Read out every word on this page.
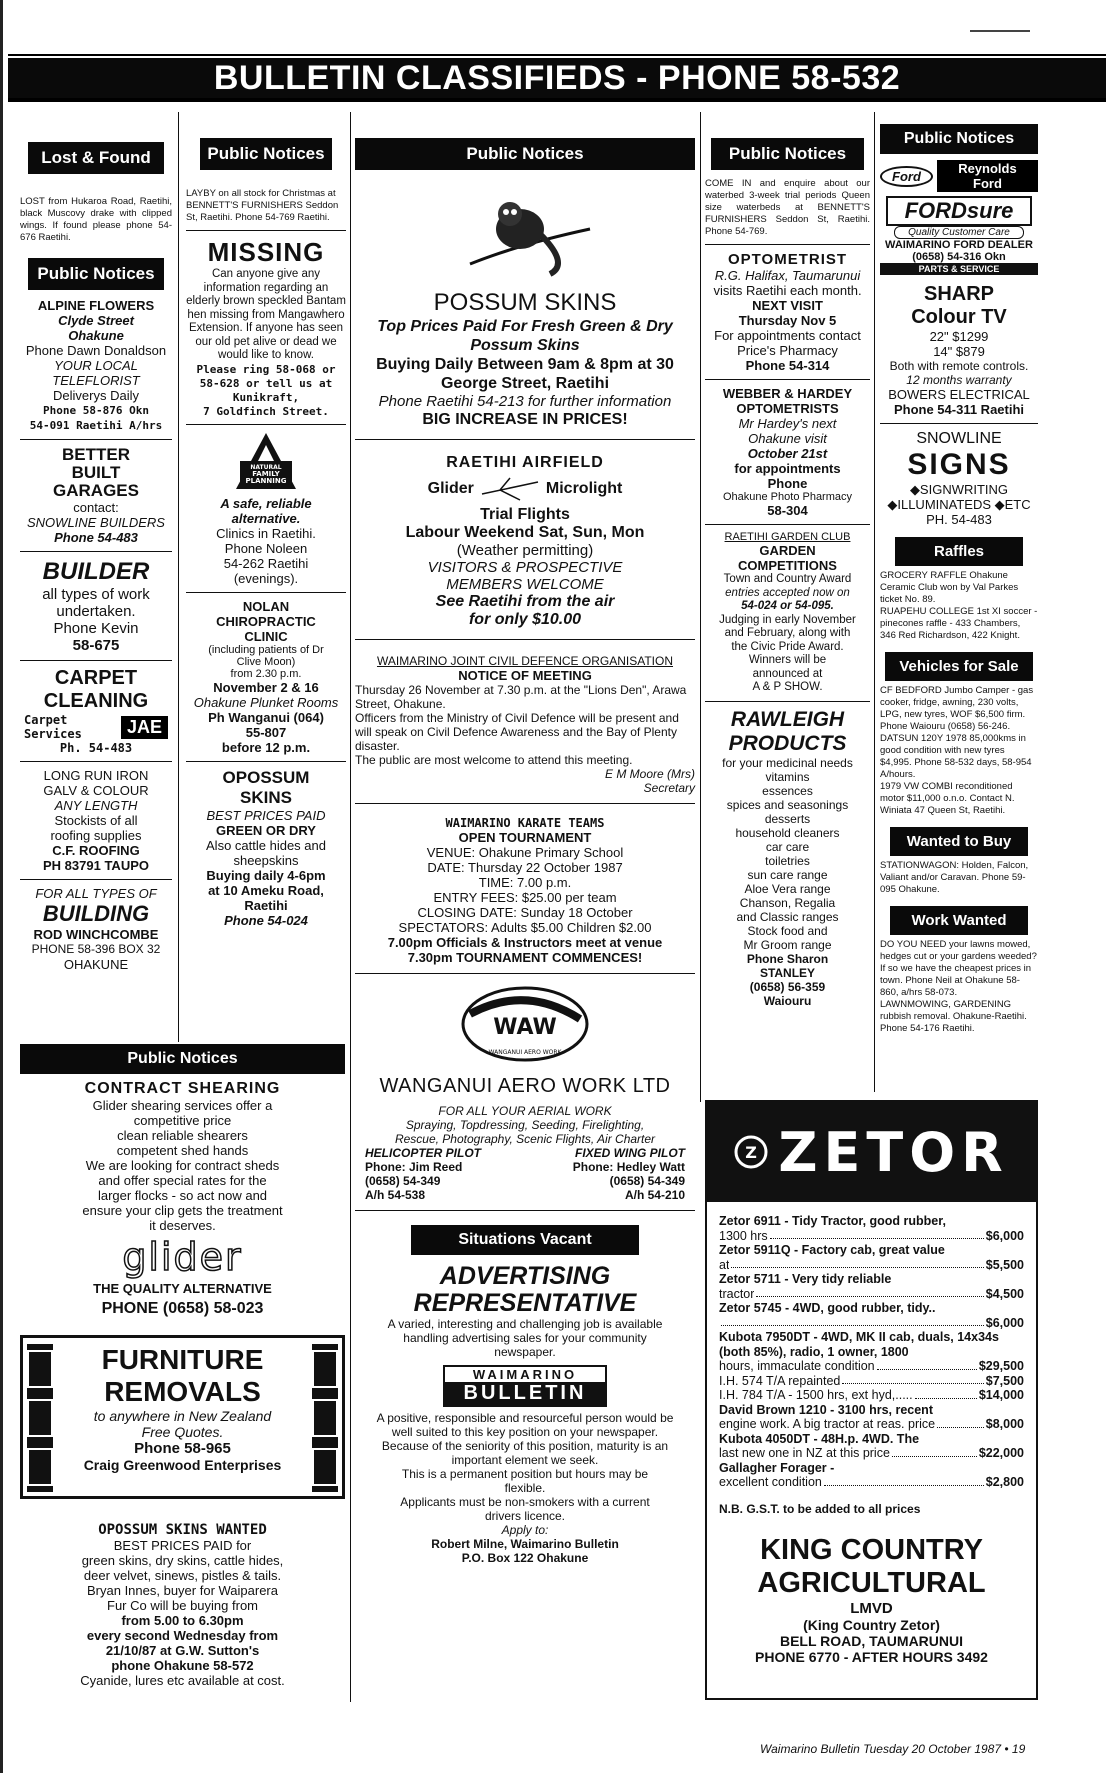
BULLETIN CLASSIFIEDS - PHONE 58-532
Lost & Found

LOST from Hukaroa Road, Raetihi, black Muscovy drake with clipped wings. If found please phone 54-676 Raetihi.

Public Notices
ALPINE FLOWERS
Clyde Street
Ohakune
Phone Dawn Donaldson
YOUR LOCAL
TELEFLORIST
Deliverys Daily
Phone 58-876 Okn
54-091 Raetihi A/hrs
BETTER
BUILT
GARAGES
contact:
SNOWLINE BUILDERS
Phone 54-483
BUILDER
all types of work
undertaken.
Phone Kevin
58-675
CARPET
CLEANING
Carpet
Services	JAE
Ph. 54-483
LONG RUN IRON
GALV & COLOUR
ANY LENGTH
Stockists of all
roofing supplies
C.F. ROOFING
PH 83791 TAUPO
FOR ALL TYPES OF
BUILDING
ROD WINCHCOMBE
PHONE 58-396 BOX 32
OHAKUNE
Public Notices

LAYBY on all stock for Christmas at BENNETT'S FURNISHERS Seddon St, Raetihi. Phone 54-769 Raetihi.

MISSING
Can anyone give any information regarding an elderly brown speckled Bantam hen missing from Mangawhero Extension. If anyone has seen our old pet alive or dead we would like to know.
Please ring 58-068 or 58-628 or tell us at Kunikraft,
7 Goldfinch Street.
NATURAL
FAMILY
PLANNING
A safe, reliable
alternative.
Clinics in Raetihi.
Phone Noleen
54-262 Raetihi
(evenings).
NOLAN
CHIROPRACTIC
CLINIC
(including patients of Dr
Clive Moon)
from 2.30 p.m.
November 2 & 16
Ohakune Plunket Rooms
Ph Wanganui (064)
55-807
before 12 p.m.
OPOSSUM
SKINS
BEST PRICES PAID
GREEN OR DRY
Also cattle hides and
sheepskins
Buying daily 4-6pm
at 10 Ameku Road,
Raetihi
Phone 54-024
Public Notices
CONTRACT SHEARING
Glider shearing services offer a
competitive price
clean reliable shearers
competent shed hands
We are looking for contract sheds
and offer special rates for the
larger flocks - so act now and
ensure your clip gets the treatment
it deserves.
glider
THE QUALITY ALTERNATIVE
PHONE (0658) 58-023
FURNITURE
REMOVALS
to anywhere in New Zealand
Free Quotes.
Phone 58-965
Craig Greenwood Enterprises
OPOSSUM SKINS WANTED
BEST PRICES PAID for
green skins, dry skins, cattle hides,
deer velvet, sinews, pistles & tails.
Bryan Innes, buyer for Waiparera
Fur Co will be buying from
from 5.00 to 6.30pm
every second Wednesday from
21/10/87 at G.W. Sutton's
phone Ohakune 58-572
Cyanide, lures etc available at cost.
Public Notices
POSSUM SKINS
Top Prices Paid For Fresh Green & Dry Possum Skins
Buying Daily Between 9am & 8pm at 30 George Street, Raetihi
Phone Raetihi 54-213 for further information
BIG INCREASE IN PRICES!
RAETIHI AIRFIELD
Glider	Microlight
Trial Flights
Labour Weekend Sat, Sun, Mon
(Weather permitting)
VISITORS & PROSPECTIVE
MEMBERS WELCOME
See Raetihi from the air
for only $10.00
WAIMARINO JOINT CIVIL DEFENCE ORGANISATION
NOTICE OF MEETING
Thursday 26 November at 7.30 p.m. at the "Lions Den", Arawa Street, Ohakune.
Officers from the Ministry of Civil Defence will be present and will speak on Civil Defence Awareness and the Bay of Plenty disaster.
The public are most welcome to attend this meeting.
E M Moore (Mrs)
Secretary
WAIMARINO KARATE TEAMS
OPEN TOURNAMENT
VENUE: Ohakune Primary School
DATE: Thursday 22 October 1987
TIME: 7.00 p.m.
ENTRY FEES: $25.00 per team
CLOSING DATE: Sunday 18 October
SPECTATORS: Adults $5.00 Children $2.00
7.00pm Officials & Instructors meet at venue
7.30pm TOURNAMENT COMMENCES!
WAW
WANGANUI AERO WORK
WANGANUI AERO WORK LTD
FOR ALL YOUR AERIAL WORK
Spraying, Topdressing, Seeding, Firelighting,
Rescue, Photography, Scenic Flights, Air Charter
HELICOPTER PILOT
Phone: Jim Reed
(0658) 54-349
A/h 54-538
FIXED WING PILOT
Phone: Hedley Watt
(0658) 54-349
A/h 54-210
Situations Vacant
ADVERTISING
REPRESENTATIVE
A varied, interesting and challenging job is available handling advertising sales for your community newspaper.
WAIMARINO
BULLETIN
A positive, responsible and resourceful person would be well suited to this key position on your newspaper.
Because of the seniority of this position, maturity is an important element we seek.
This is a permanent position but hours may be flexible.
Applicants must be non-smokers with a current drivers licence.
Apply to:
Robert Milne, Waimarino Bulletin
P.O. Box 122 Ohakune
Public Notices

COME IN and enquire about our waterbed 3-week trial periods Queen size waterbeds at BENNETT'S FURNISHERS Seddon St, Raetihi. Phone 54-769.

OPTOMETRIST
R.G. Halifax, Taumarunui
visits Raetihi each month.
NEXT VISIT
Thursday Nov 5
For appointments contact
Price's Pharmacy
Phone 54-314
WEBBER & HARDEY
OPTOMETRISTS
Mr Hardey's next
Ohakune visit
October 21st
for appointments
Phone
Ohakune Photo Pharmacy
58-304
RAETIHI GARDEN CLUB
GARDEN
COMPETITIONS
Town and Country Award
entries accepted now on
54-024 or 54-095.
Judging in early November
and February, along with
the Civic Pride Award.
Winners will be
announced at
A & P SHOW.
RAWLEIGH
PRODUCTS
for your medicinal needs
vitamins
essences
spices and seasonings
desserts
household cleaners
car care
toiletries
sun care range
Aloe Vera range
Chanson, Regalia
and Classic ranges
Stock food and
Mr Groom range
Phone Sharon
STANLEY
(0658) 56-359
Waiouru
Public Notices
Ford	Reynolds Ford
FORDsure
Quality Customer Care
WAIMARINO FORD DEALER
(0658) 54-316 Okn
PARTS & SERVICE
SHARP
Colour TV
22" $1299
14" $879
Both with remote controls.
12 months warranty
BOWERS ELECTRICAL
Phone 54-311 Raetihi
SNOWLINE
SIGNS
◆SIGNWRITING
◆ILLUMINATEDS ◆ETC
PH. 54-483
Raffles

GROCERY RAFFLE Ohakune Ceramic Club won by Val Parkes ticket No. 89.

RUAPEHU COLLEGE 1st XI soccer - pinecones raffle - 433 Chambers, 346 Red Richardson, 422 Knight.

Vehicles for Sale

CF BEDFORD Jumbo Camper - gas cooker, fridge, awning, 230 volts, LPG, new tyres, WOF $6,500 firm. Phone Waiouru (0658) 56-246.

DATSUN 120Y 1978 85,000kms in good condition with new tyres $4,995. Phone 58-532 days, 58-954 A/hours.

1979 VW COMBI reconditioned motor $11,000 o.n.o. Contact N. Winiata 47 Queen St, Raetihi.

Wanted to Buy

STATIONWAGON: Holden, Falcon, Valiant and/or Caravan. Phone 59-095 Ohakune.

Work Wanted

DO YOU NEED your lawns mowed, hedges cut or your gardens weeded? If so we have the cheapest prices in town. Phone Neil at Ohakune 58-860, a/hrs 58-073.

LAWNMOWING, GARDENING rubbish removal. Ohakune-Raetihi. Phone 54-176 Raetihi.

Z ZETOR
Zetor 6911 - Tidy Tractor, good rubber,
1300 hrs	$6,000
Zetor 5911Q - Factory cab, great value
at	$5,500
Zetor 5711 - Very tidy reliable
tractor	$4,500
Zetor 5745 - 4WD, good rubber, tidy..
$6,000
Kubota 7950DT - 4WD, MK II cab, duals, 14x34s (both 85%), radio, 1 owner, 1800
hours, immaculate condition	$29,500
I.H. 574 T/A repainted	$7,500
I.H. 784 T/A - 1500 hrs, ext hyd,.....	$14,000
David Brown 1210 - 3100 hrs, recent
engine work. A big tractor at reas. price	$8,000
Kubota 4050DT - 48H.p. 4WD. The
last new one in NZ at this price	$22,000
Gallagher Forager -
excellent condition	$2,800
N.B. G.S.T. to be added to all prices
KING COUNTRY
AGRICULTURAL
LMVD
(King Country Zetor)
BELL ROAD, TAUMARUNUI
PHONE 6770 - AFTER HOURS 3492
Waimarino Bulletin Tuesday 20 October 1987 • 19
